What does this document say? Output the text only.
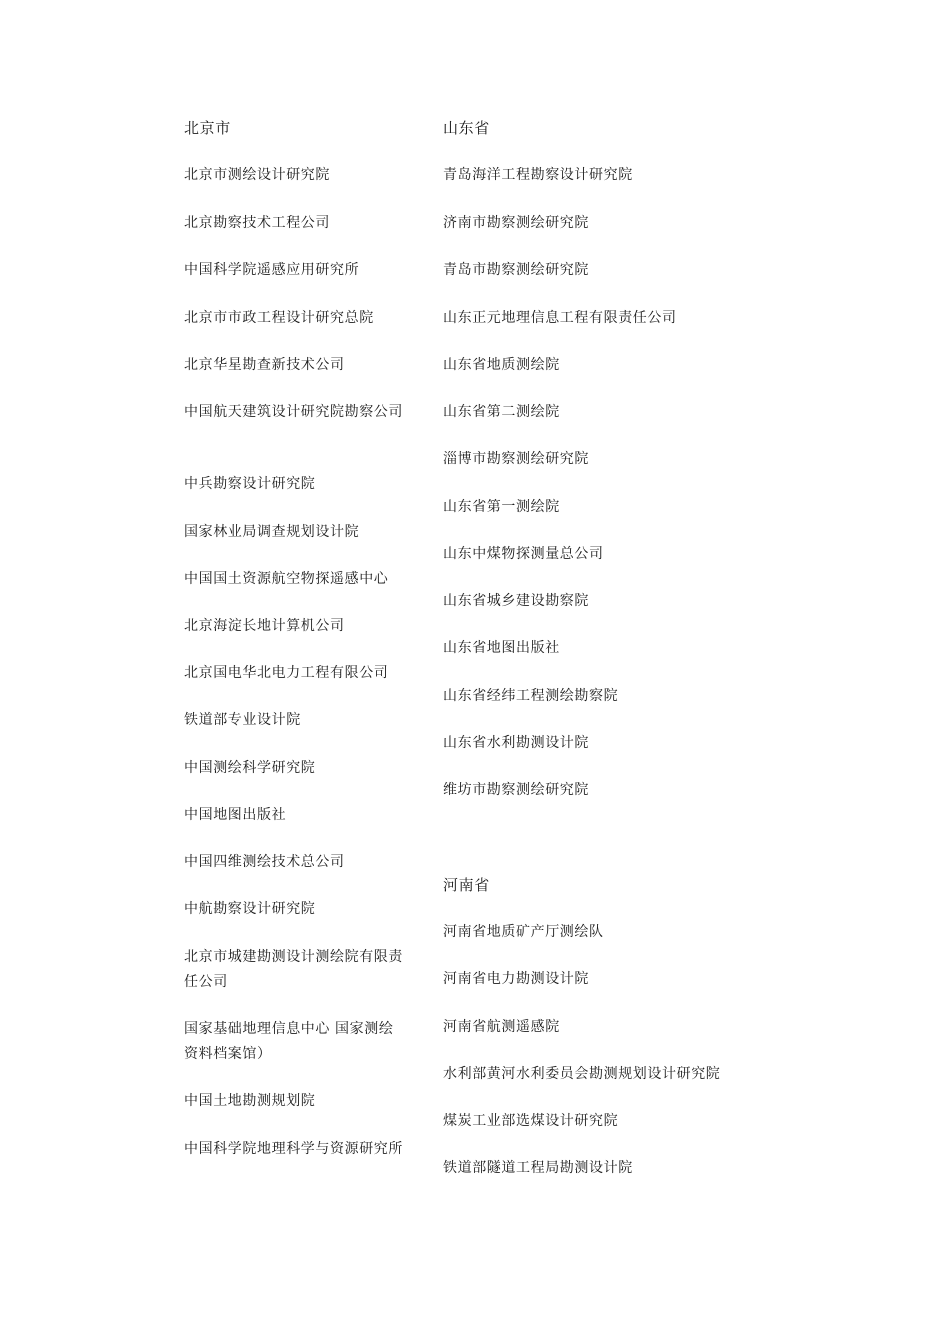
北京市
北京市测绘设计研究院
北京勘察技术工程公司
中国科学院遥感应用研究所
北京市市政工程设计研究总院
北京华星勘查新技术公司
中国航天建筑设计研究院勘察公司
中兵勘察设计研究院
国家林业局调查规划设计院
中国国土资源航空物探遥感中心
北京海淀长地计算机公司
北京国电华北电力工程有限公司
铁道部专业设计院
中国测绘科学研究院
中国地图出版社
中国四维测绘技术总公司
中航勘察设计研究院
北京市城建勘测设计测绘院有限责任公司
国家基础地理信息中心 国家测绘资料档案馆）
中国土地勘测规划院
中国科学院地理科学与资源研究所
山东省
青岛海洋工程勘察设计研究院
济南市勘察测绘研究院
青岛市勘察测绘研究院
山东正元地理信息工程有限责任公司
山东省地质测绘院
山东省第二测绘院
淄博市勘察测绘研究院
山东省第一测绘院
山东中煤物探测量总公司
山东省城乡建设勘察院
山东省地图出版社
山东省经纬工程测绘勘察院
山东省水利勘测设计院
维坊市勘察测绘研究院
河南省
河南省地质矿产厅测绘队
河南省电力勘测设计院
河南省航测遥感院
水利部黄河水利委员会勘测规划设计研究院
煤炭工业部选煤设计研究院
铁道部隧道工程局勘测设计院
